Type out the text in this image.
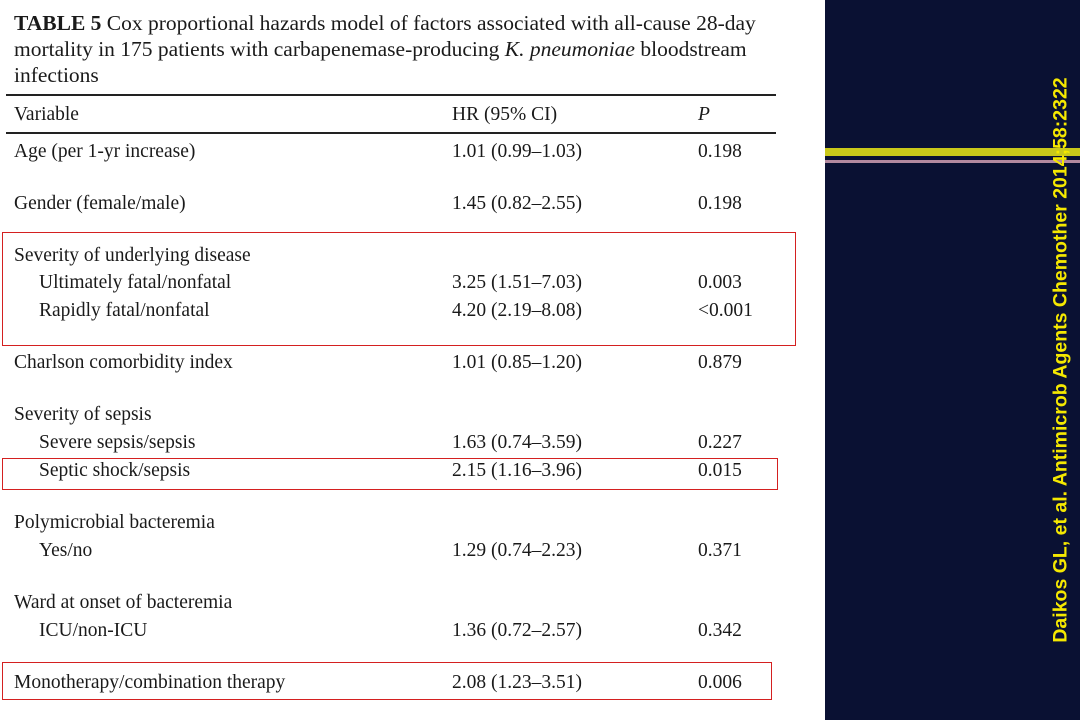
TABLE 5 Cox proportional hazards model of factors associated with all-cause 28-day mortality in 175 patients with carbapenemase-producing K. pneumoniae bloodstream infections
Variable	HR (95% CI)	P
Age (per 1-yr increase)	1.01 (0.99–1.03)	0.198
Gender (female/male)	1.45 (0.82–2.55)	0.198
Severity of underlying disease
Ultimately fatal/nonfatal	3.25 (1.51–7.03)	0.003
Rapidly fatal/nonfatal	4.20 (2.19–8.08)	<0.001
Charlson comorbidity index	1.01 (0.85–1.20)	0.879
Severity of sepsis
Severe sepsis/sepsis	1.63 (0.74–3.59)	0.227
Septic shock/sepsis	2.15 (1.16–3.96)	0.015
Polymicrobial bacteremia
Yes/no	1.29 (0.74–2.23)	0.371
Ward at onset of bacteremia
ICU/non-ICU	1.36 (0.72–2.57)	0.342
Monotherapy/combination therapy	2.08 (1.23–3.51)	0.006
Daikos GL, et al. Antimicrob Agents Chemother 2014;58:2322
